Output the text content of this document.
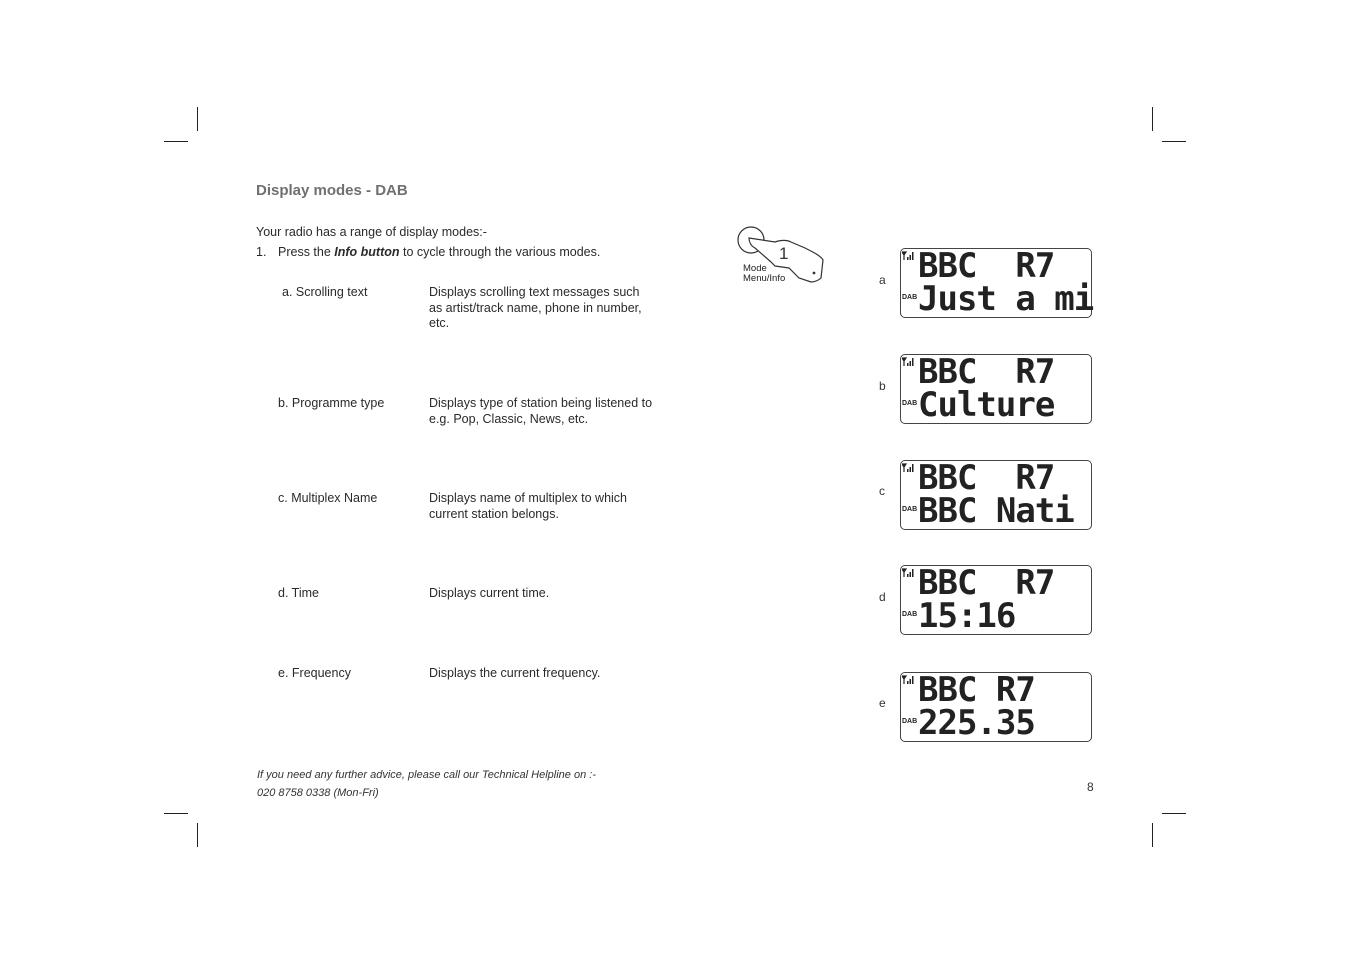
Display modes - DAB
Your radio has a range of display modes:-
1. Press the Info button to cycle through the various modes.
a. Scrolling text	Displays scrolling text messages such as artist/track name, phone in number, etc.
b. Programme type	Displays type of station being listened to e.g. Pop, Classic, News, etc.
c. Multiplex Name	Displays name of multiplex to which current station belongs.
d. Time	Displays current time.
e. Frequency	Displays the current frequency.
1
Mode
Menu/Info	a
DAB
BBC  R7
Just a mi
b
DAB
BBC  R7
Culture
c
DAB
BBC  R7
BBC Nati
d
DAB
BBC  R7
15:16
e
DAB
BBC R7
225.35
If you need any further advice, please call our Technical Helpline on :-
020 8758 0338 (Mon-Fri)	8
